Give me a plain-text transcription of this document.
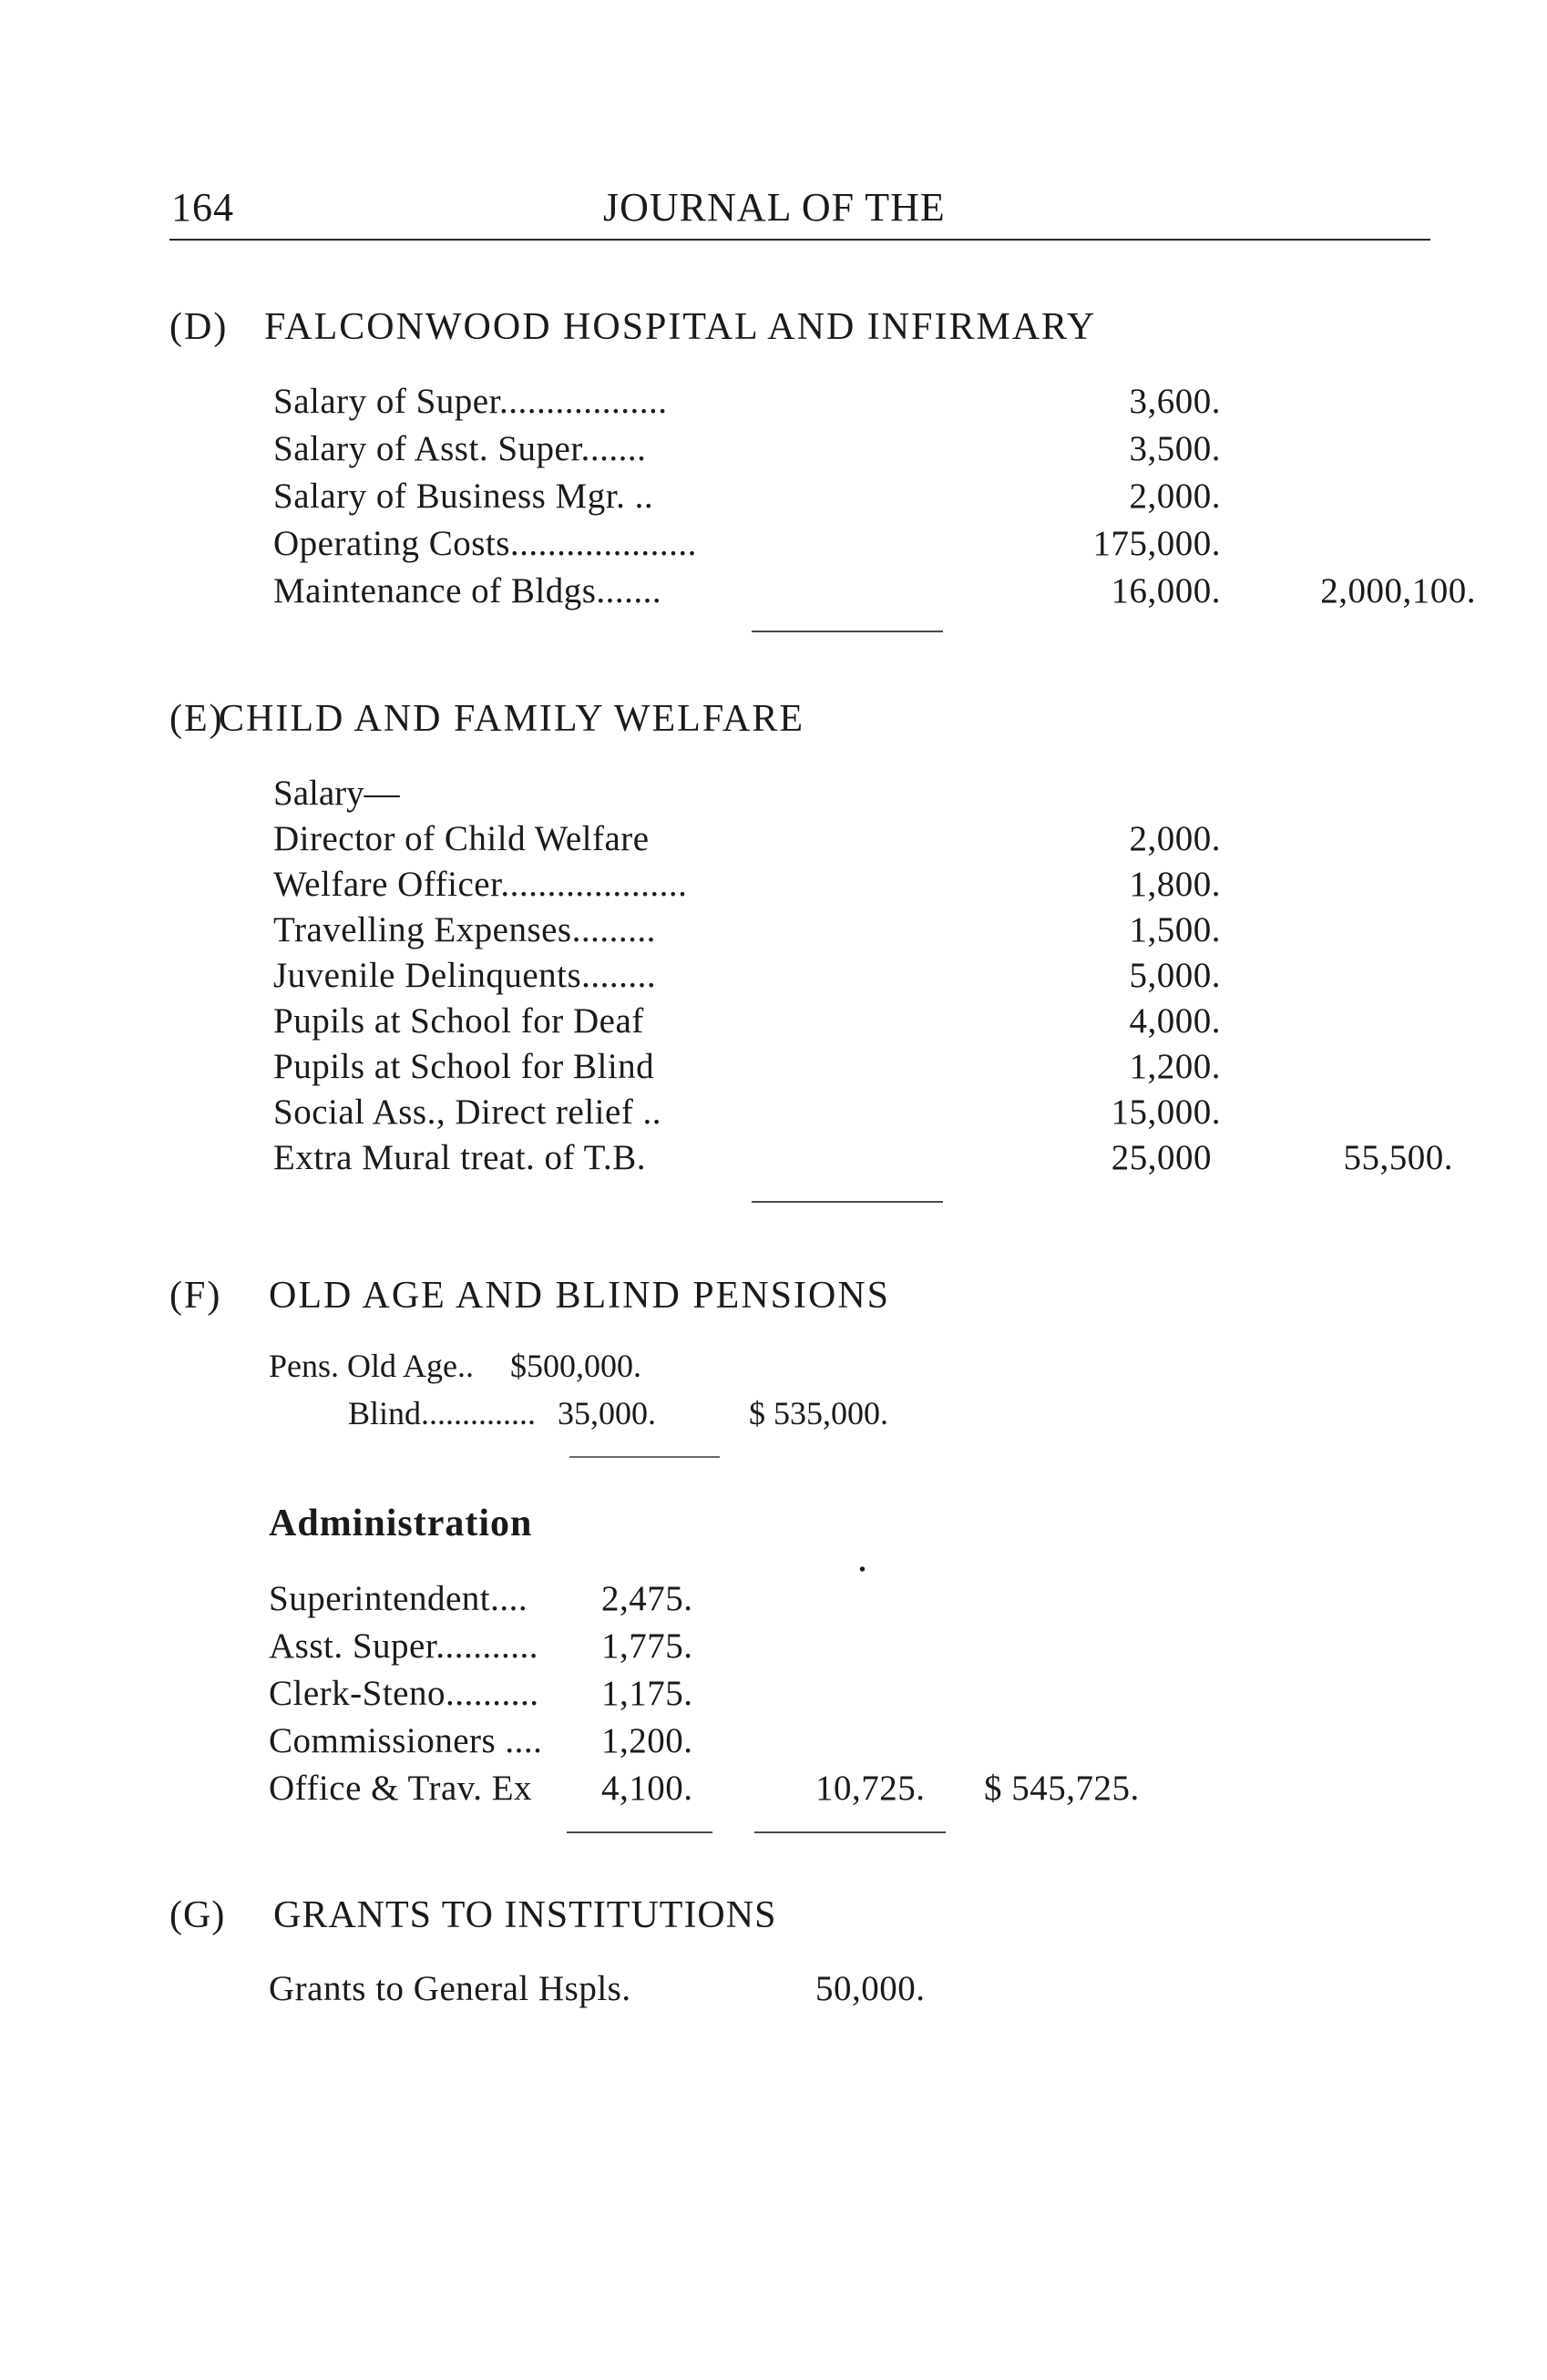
164	JOURNAL OF THE
(D) FALCONWOOD HOSPITAL AND INFIRMARY
Salary of Super..................	3,600.
Salary of Asst. Super.......	3,500.
Salary of Business Mgr. ..	2,000.
Operating Costs....................	175,000.
Maintenance of Bldgs.......	16,000.	2,000,100.
(E)
CHILD AND FAMILY WELFARE
Salary—
Director of Child Welfare	2,000.
Welfare Officer....................	1,800.
Travelling Expenses.........	1,500.
Juvenile Delinquents........	5,000.
Pupils at School for Deaf	4,000.
Pupils at School for Blind	1,200.
Social Ass., Direct relief ..	15,000.
Extra Mural treat. of T.B.	25,000	55,500.
(F) OLD AGE AND BLIND PENSIONS
Pens. Old Age.. $500,000.
Blind.............. 35,000.	$ 535,000.
Administration
•
Superintendent.... 2,475.
Asst. Super........... 1,775.
Clerk-Steno.......... 1,175.
Commissioners .... 1,200.
Office & Trav. Ex 4,100.	10,725. $ 545,725.
(G) GRANTS TO INSTITUTIONS
Grants to General Hspls.	50,000.
